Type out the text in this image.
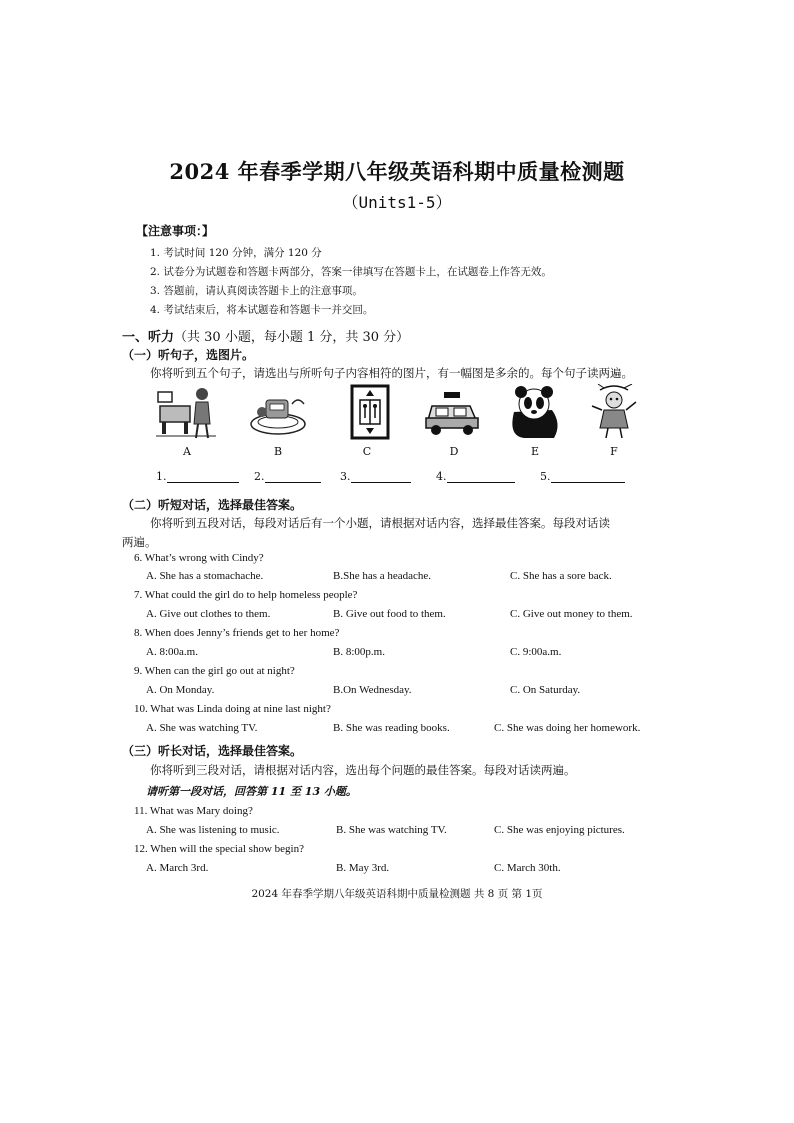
2024 年春季学期八年级英语科期中质量检测题
（Units1-5）
【注意事项：】
1. 考试时间 120 分钟，满分 120 分
2. 试卷分为试题卷和答题卡两部分，答案一律填写在答题卡上，在试题卷上作答无效。
3. 答题前，请认真阅读答题卡上的注意事项。
4. 考试结束后，将本试题卷和答题卡一并交回。
一、听力（共 30 小题，每小题 1 分，共 30 分）
（一）听句子，选图片。
你将听到五个句子，请选出与所听句子内容相符的图片，有一幅图是多余的。每个句子读两遍。
A	B	C	D	E	F
1.	2.	3.	4.	5.
（二）听短对话，选择最佳答案。
你将听到五段对话，每段对话后有一个小题，请根据对话内容，选择最佳答案。每段对话读
两遍。
6. What’s wrong with Cindy?
A. She has a stomachache.	B.She has a headache.	C. She has a sore back.
7. What could the girl do to help homeless people?
A. Give out clothes to them.	B. Give out food to them.	C. Give out money to them.
8. When does Jenny’s friends get to her home?
A. 8:00a.m.	B. 8:00p.m.	C. 9:00a.m.
9. When can the girl go out at night?
A. On Monday.	B.On Wednesday.	C. On Saturday.
10. What was Linda doing at nine last night?
A. She was watching TV.	B. She was reading books.	C. She was doing her homework.
（三）听长对话，选择最佳答案。
你将听到三段对话，请根据对话内容，选出每个问题的最佳答案。每段对话读两遍。
请听第一段对话，回答第 11 至 13 小题。
11. What was Mary doing?
A. She was listening to music.	B. She was watching TV.	C. She was enjoying pictures.
12. When will the special show begin?
A. March 3rd.	B. May 3rd.	C. March 30th.
2024 年春季学期八年级英语科期中质量检测题 共 8 页 第 1页
